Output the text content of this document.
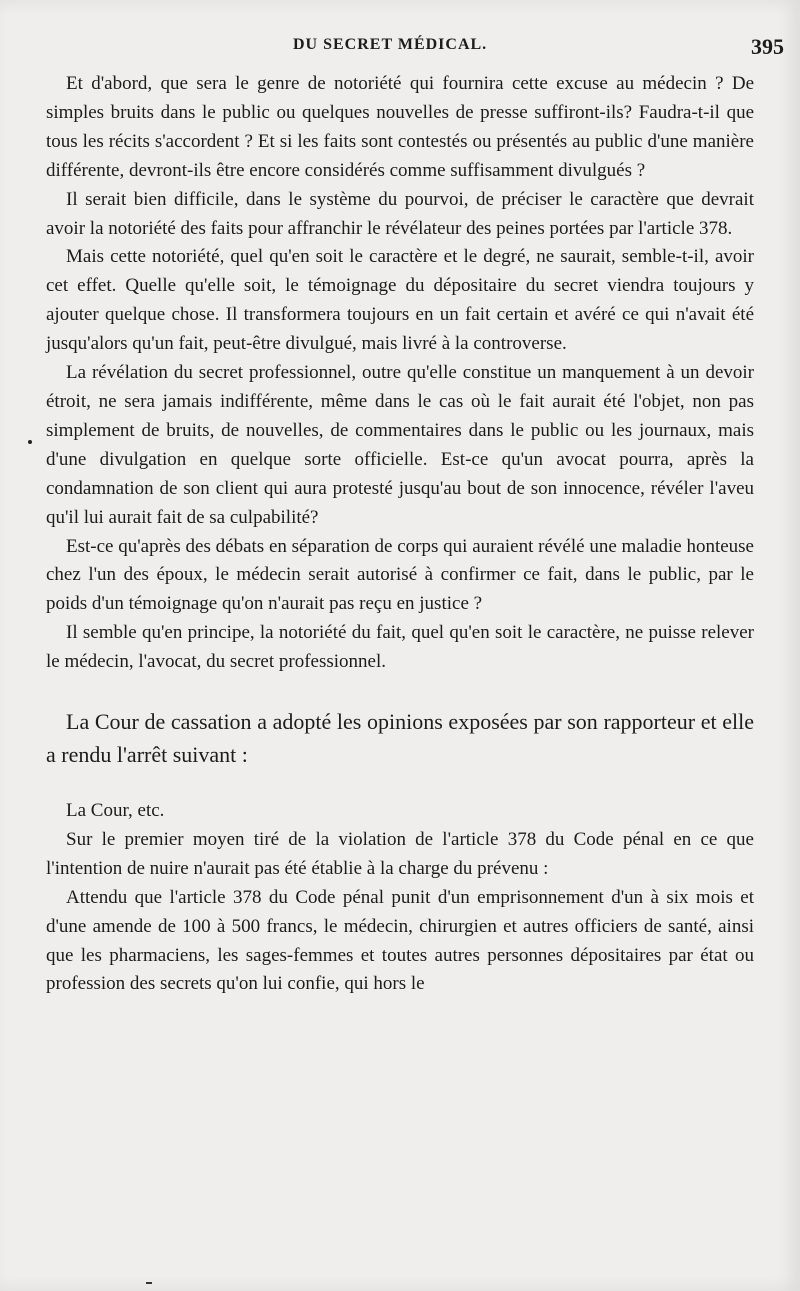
DU SECRET MÉDICAL.	395

Et d'abord, que sera le genre de notoriété qui fournira cette excuse au médecin ? De simples bruits dans le public ou quelques nouvelles de presse suffiront-ils? Faudra-t-il que tous les récits s'accordent ? Et si les faits sont contestés ou présentés au public d'une manière différente, devront-ils être encore considérés comme suffisamment divulgués ?

Il serait bien difficile, dans le système du pourvoi, de préciser le caractère que devrait avoir la notoriété des faits pour affranchir le révélateur des peines portées par l'article 378.

Mais cette notoriété, quel qu'en soit le caractère et le degré, ne saurait, semble-t-il, avoir cet effet. Quelle qu'elle soit, le témoignage du dépositaire du secret viendra toujours y ajouter quelque chose. Il transformera toujours en un fait certain et avéré ce qui n'avait été jusqu'alors qu'un fait, peut-être divulgué, mais livré à la controverse.

La révélation du secret professionnel, outre qu'elle constitue un manquement à un devoir étroit, ne sera jamais indifférente, même dans le cas où le fait aurait été l'objet, non pas simplement de bruits, de nouvelles, de commentaires dans le public ou les journaux, mais d'une divulgation en quelque sorte officielle. Est-ce qu'un avocat pourra, après la condamnation de son client qui aura protesté jusqu'au bout de son innocence, révéler l'aveu qu'il lui aurait fait de sa culpabilité?

Est-ce qu'après des débats en séparation de corps qui auraient révélé une maladie honteuse chez l'un des époux, le médecin serait autorisé à confirmer ce fait, dans le public, par le poids d'un témoignage qu'on n'aurait pas reçu en justice ?

Il semble qu'en principe, la notoriété du fait, quel qu'en soit le caractère, ne puisse relever le médecin, l'avocat, du secret professionnel.

La Cour de cassation a adopté les opinions exposées par son rapporteur et elle a rendu l'arrêt suivant :

La Cour, etc.

Sur le premier moyen tiré de la violation de l'article 378 du Code pénal en ce que l'intention de nuire n'aurait pas été établie à la charge du prévenu :

Attendu que l'article 378 du Code pénal punit d'un emprisonnement d'un à six mois et d'une amende de 100 à 500 francs, le médecin, chirurgien et autres officiers de santé, ainsi que les pharmaciens, les sages-femmes et toutes autres personnes dépositaires par état ou profession des secrets qu'on lui confie, qui hors le
